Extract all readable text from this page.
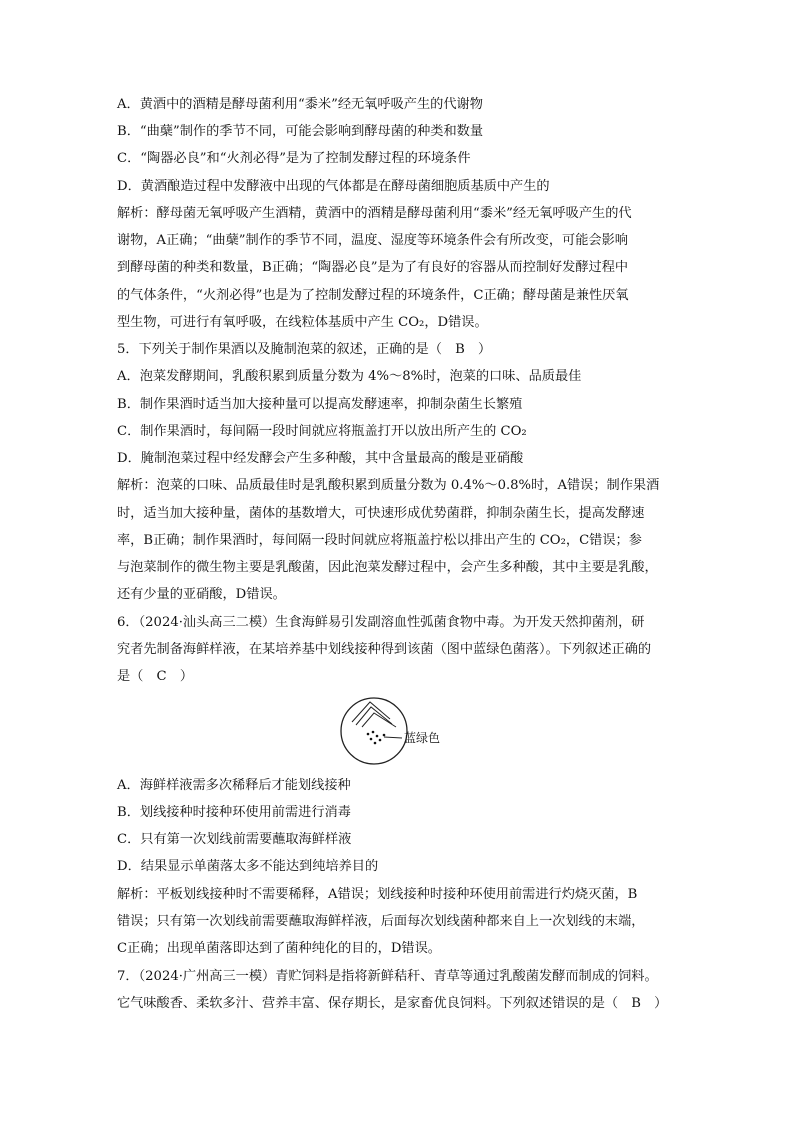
A．黄酒中的酒精是酵母菌利用“黍米”经无氧呼吸产生的代谢物
B．“曲蘖”制作的季节不同，可能会影响到酵母菌的种类和数量
C．“陶器必良”和“火剂必得”是为了控制发酵过程的环境条件
D．黄酒酿造过程中发酵液中出现的气体都是在酵母菌细胞质基质中产生的
解析：酵母菌无氧呼吸产生酒精，黄酒中的酒精是酵母菌利用“黍米”经无氧呼吸产生的代
谢物，A正确；“曲蘖”制作的季节不同，温度、湿度等环境条件会有所改变，可能会影响
到酵母菌的种类和数量，B正确；“陶器必良”是为了有良好的容器从而控制好发酵过程中
的气体条件，“火剂必得”也是为了控制发酵过程的环境条件，C正确；酵母菌是兼性厌氧
型生物，可进行有氧呼吸，在线粒体基质中产生 CO₂，D错误。
5．下列关于制作果酒以及腌制泡菜的叙述，正确的是（　B　）
A．泡菜发酵期间，乳酸积累到质量分数为 4%～8%时，泡菜的口味、品质最佳
B．制作果酒时适当加大接种量可以提高发酵速率，抑制杂菌生长繁殖
C．制作果酒时，每间隔一段时间就应将瓶盖打开以放出所产生的 CO₂
D．腌制泡菜过程中经发酵会产生多种酸，其中含量最高的酸是亚硝酸
解析：泡菜的口味、品质最佳时是乳酸积累到质量分数为 0.4%～0.8%时，A错误；制作果酒
时，适当加大接种量，菌体的基数增大，可快速形成优势菌群，抑制杂菌生长，提高发酵速
率，B正确；制作果酒时，每间隔一段时间就应将瓶盖拧松以排出产生的 CO₂，C错误；参
与泡菜制作的微生物主要是乳酸菌，因此泡菜发酵过程中，会产生多种酸，其中主要是乳酸，
还有少量的亚硝酸，D错误。
6．（2024·汕头高三二模）生食海鲜易引发副溶血性弧菌食物中毒。为开发天然抑菌剂，研
究者先制备海鲜样液，在某培养基中划线接种得到该菌（图中蓝绿色菌落）。下列叙述正确的
是（　C　）
蓝绿色
A．海鲜样液需多次稀释后才能划线接种
B．划线接种时接种环使用前需进行消毒
C．只有第一次划线前需要蘸取海鲜样液
D．结果显示单菌落太多不能达到纯培养目的
解析：平板划线接种时不需要稀释，A错误；划线接种时接种环使用前需进行灼烧灭菌，B
错误；只有第一次划线前需要蘸取海鲜样液，后面每次划线菌种都来自上一次划线的末端，
C正确；出现单菌落即达到了菌种纯化的目的，D错误。
7．（2024·广州高三一模）青贮饲料是指将新鲜秸秆、青草等通过乳酸菌发酵而制成的饲料。
它气味酸香、柔软多汁、营养丰富、保存期长，是家畜优良饲料。下列叙述错误的是（　B　）
